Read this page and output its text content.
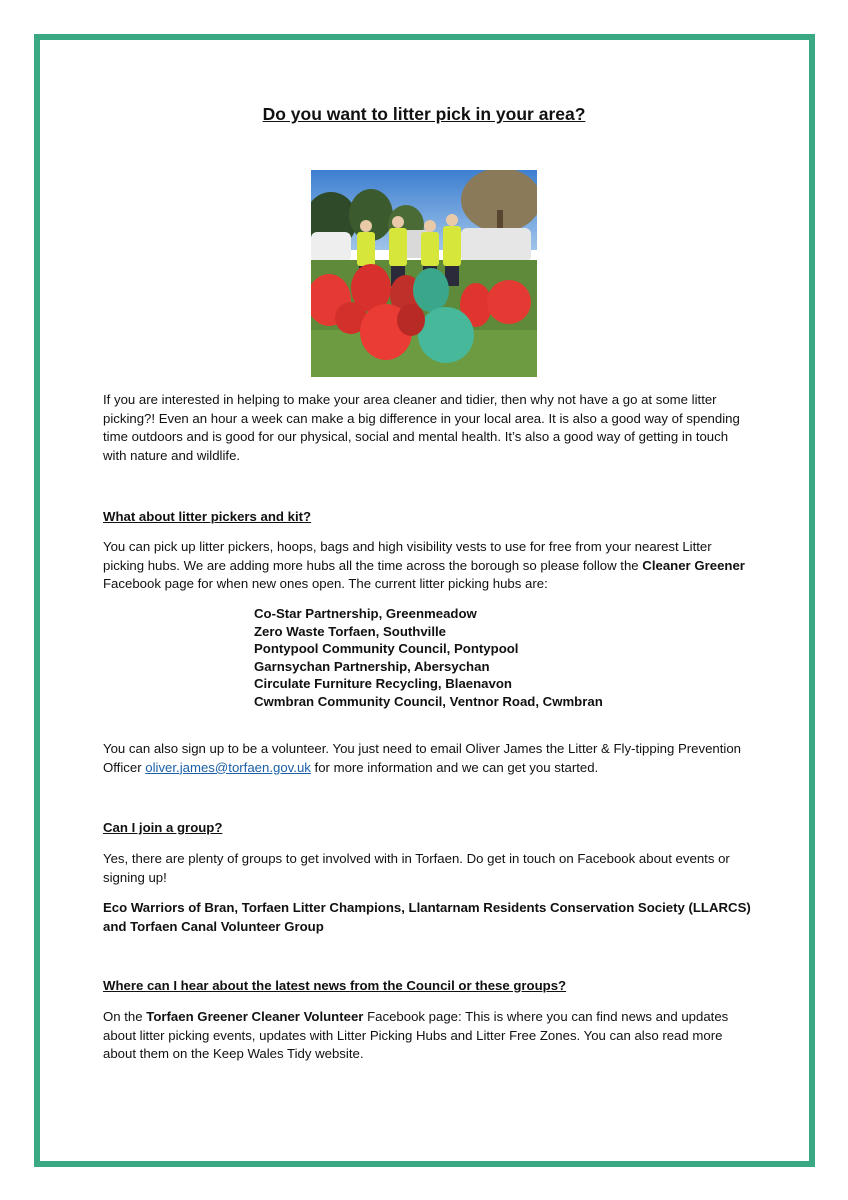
Do you want to litter pick in your area?

If you are interested in helping to make your area cleaner and tidier, then why not have a go at some litter picking?! Even an hour a week can make a big difference in your local area. It is also a good way of spending time outdoors and is good for our physical, social and mental health. It’s also a good way of getting in touch with nature and wildlife.

What about litter pickers and kit?

You can pick up litter pickers, hoops, bags and high visibility vests to use for free from your nearest Litter picking hubs. We are adding more hubs all the time across the borough so please follow the Cleaner Greener Facebook page for when new ones open. The current litter picking hubs are:

Co-Star Partnership, Greenmeadow
Zero Waste Torfaen, Southville
Pontypool Community Council, Pontypool
Garnsychan Partnership, Abersychan
Circulate Furniture Recycling, Blaenavon
Cwmbran Community Council, Ventnor Road, Cwmbran

You can also sign up to be a volunteer. You just need to email Oliver James the Litter & Fly-tipping Prevention Officer oliver.james@torfaen.gov.uk for more information and we can get you started.

Can I join a group?

Yes, there are plenty of groups to get involved with in Torfaen. Do get in touch on Facebook about events or signing up!

Eco Warriors of Bran, Torfaen Litter Champions, Llantarnam Residents Conservation Society (LLARCS) and Torfaen Canal Volunteer Group

Where can I hear about the latest news from the Council or these groups?

On the Torfaen Greener Cleaner Volunteer Facebook page: This is where you can find news and updates about litter picking events, updates with Litter Picking Hubs and Litter Free Zones. You can also read more about them on the Keep Wales Tidy website.
